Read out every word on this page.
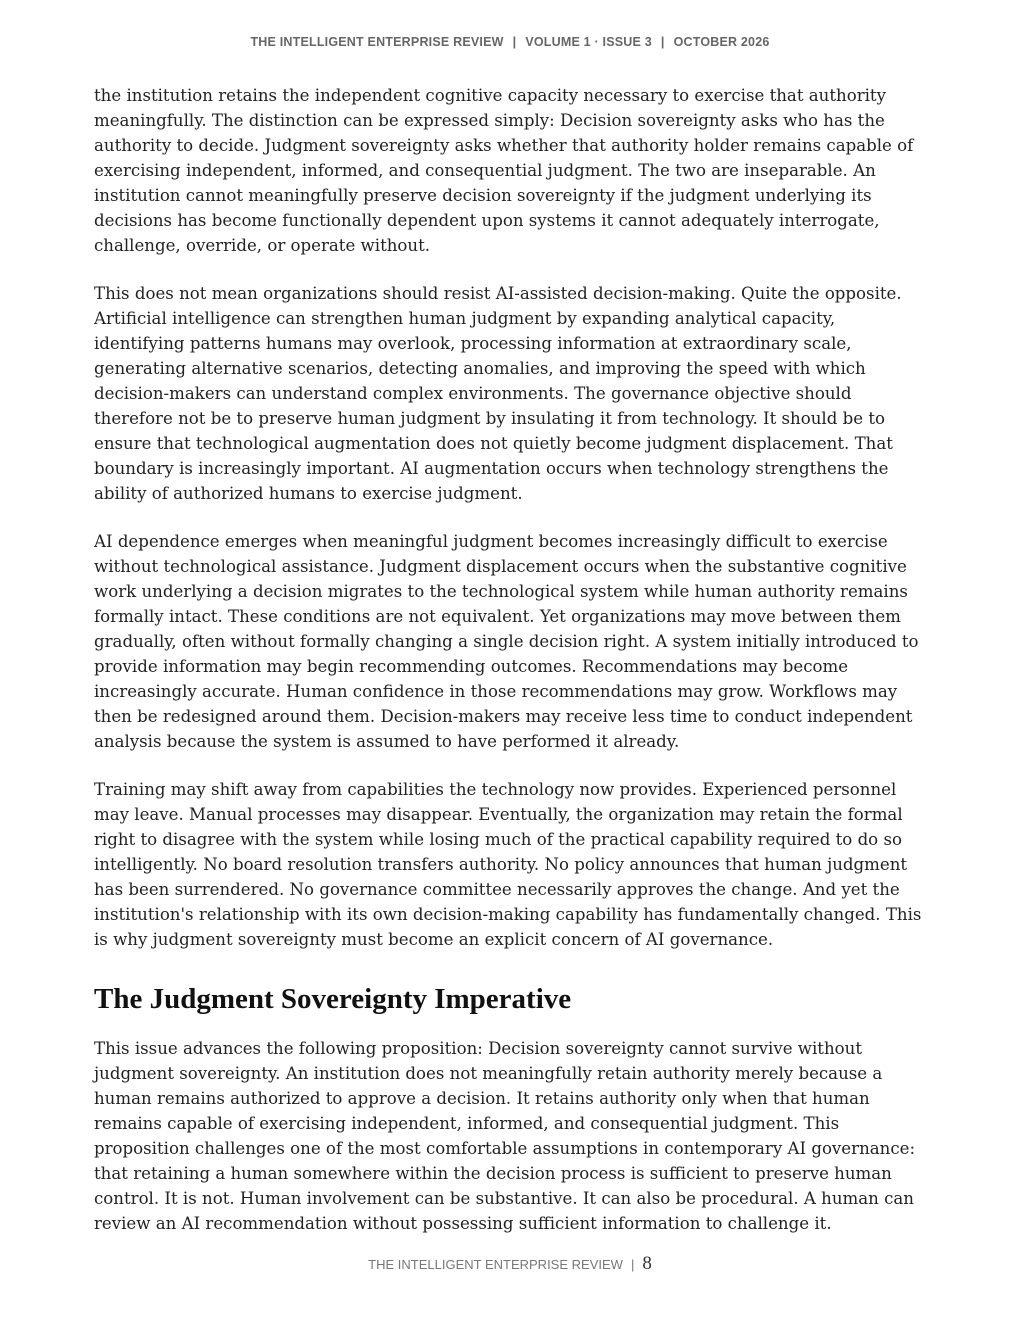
THE INTELLIGENT ENTERPRISE REVIEW | VOLUME 1 · ISSUE 3 | OCTOBER 2026

the institution retains the independent cognitive capacity necessary to exercise that authority meaningfully. The distinction can be expressed simply: Decision sovereignty asks who has the authority to decide. Judgment sovereignty asks whether that authority holder remains capable of exercising independent, informed, and consequential judgment. The two are inseparable. An institution cannot meaningfully preserve decision sovereignty if the judgment underlying its decisions has become functionally dependent upon systems it cannot adequately interrogate, challenge, override, or operate without.

This does not mean organizations should resist AI-assisted decision-making. Quite the opposite. Artificial intelligence can strengthen human judgment by expanding analytical capacity, identifying patterns humans may overlook, processing information at extraordinary scale, generating alternative scenarios, detecting anomalies, and improving the speed with which decision-makers can understand complex environments. The governance objective should therefore not be to preserve human judgment by insulating it from technology. It should be to ensure that technological augmentation does not quietly become judgment displacement. That boundary is increasingly important. AI augmentation occurs when technology strengthens the ability of authorized humans to exercise judgment.

AI dependence emerges when meaningful judgment becomes increasingly difficult to exercise without technological assistance. Judgment displacement occurs when the substantive cognitive work underlying a decision migrates to the technological system while human authority remains formally intact. These conditions are not equivalent. Yet organizations may move between them gradually, often without formally changing a single decision right. A system initially introduced to provide information may begin recommending outcomes. Recommendations may become increasingly accurate. Human confidence in those recommendations may grow. Workflows may then be redesigned around them. Decision-makers may receive less time to conduct independent analysis because the system is assumed to have performed it already.

Training may shift away from capabilities the technology now provides. Experienced personnel may leave. Manual processes may disappear. Eventually, the organization may retain the formal right to disagree with the system while losing much of the practical capability required to do so intelligently. No board resolution transfers authority. No policy announces that human judgment has been surrendered. No governance committee necessarily approves the change. And yet the institution's relationship with its own decision-making capability has fundamentally changed. This is why judgment sovereignty must become an explicit concern of AI governance.

The Judgment Sovereignty Imperative

This issue advances the following proposition: Decision sovereignty cannot survive without judgment sovereignty. An institution does not meaningfully retain authority merely because a human remains authorized to approve a decision. It retains authority only when that human remains capable of exercising independent, informed, and consequential judgment. This proposition challenges one of the most comfortable assumptions in contemporary AI governance: that retaining a human somewhere within the decision process is sufficient to preserve human control. It is not. Human involvement can be substantive. It can also be procedural. A human can review an AI recommendation without possessing sufficient information to challenge it.

THE INTELLIGENT ENTERPRISE REVIEW | 8
